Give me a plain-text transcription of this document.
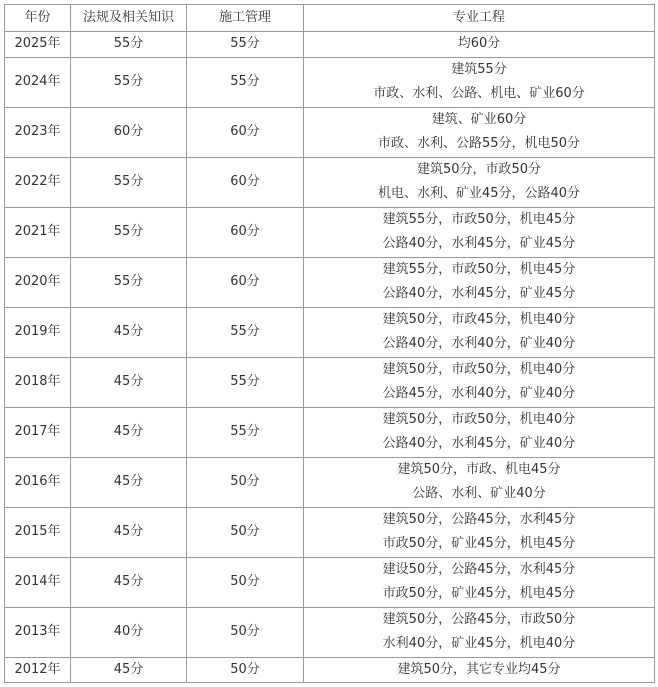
年份	法规及相关知识	施工管理	专业工程
2025年	55分	55分	均60分

2024年	55分	55分	建筑55分
市政、水利、公路、机电、矿业60分

2023年	60分	60分	建筑、矿业60分
市政、水利、公路55分，机电50分

2022年	55分	60分	建筑50分，市政50分
机电、水利、矿业45分，公路40分

2021年	55分	60分	建筑55分，市政50分，机电45分
公路40分，水利45分，矿业45分

2020年	55分	60分	建筑55分，市政50分，机电45分
公路40分，水利45分，矿业45分

2019年	45分	55分	建筑50分，市政45分，机电40分
公路40分，水利40分，矿业40分

2018年	45分	55分	建筑50分，市政50分，机电40分
公路45分，水利40分，矿业40分

2017年	45分	55分	建筑50分，市政50分，机电40分
公路40分，水利45分，矿业40分

2016年	45分	50分	建筑50分，市政、机电45分
公路、水利、矿业40分

2015年	45分	50分	建筑50分，公路45分，水利45分
市政50分，矿业45分，机电45分

2014年	45分	50分	建设50分，公路45分，水利45分
市政50分，矿业45分，机电45分

2013年	40分	50分	建筑50分，公路45分，市政50分
水利40分，矿业45分，机电40分

2012年	45分	50分	建筑50分，其它专业均45分
